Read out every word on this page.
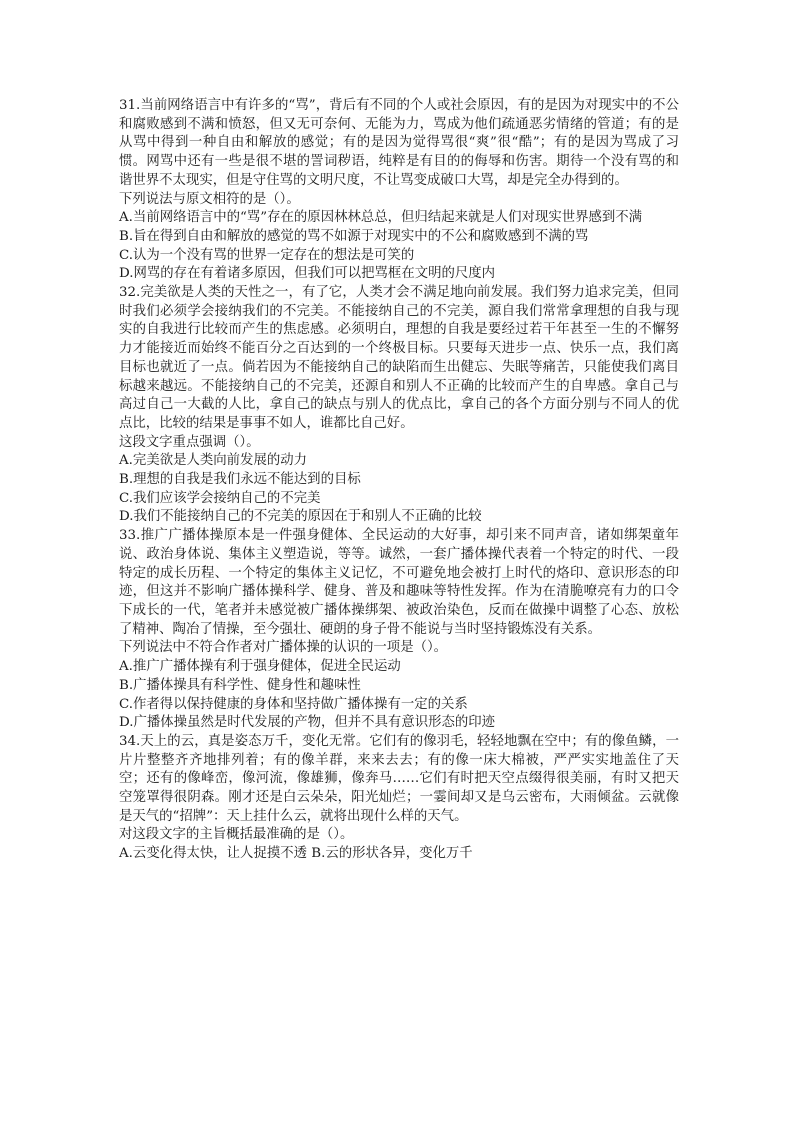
31.当前网络语言中有许多的“骂”，背后有不同的个人或社会原因，有的是因为对现实中的不公和腐败感到不满和愤怒，但又无可奈何、无能为力，骂成为他们疏通恶劣情绪的管道；有的是从骂中得到一种自由和解放的感觉；有的是因为觉得骂很“爽”很“酷”；有的是因为骂成了习惯。网骂中还有一些是很不堪的詈词秽语，纯粹是有目的的侮辱和伤害。期待一个没有骂的和谐世界不太现实，但是守住骂的文明尺度，不让骂变成破口大骂，却是完全办得到的。

下列说法与原文相符的是（）。

A.当前网络语言中的“骂”存在的原因林林总总，但归结起来就是人们对现实世界感到不满

B.旨在得到自由和解放的感觉的骂不如源于对现实中的不公和腐败感到不满的骂

C.认为一个没有骂的世界一定存在的想法是可笑的

D.网骂的存在有着诸多原因，但我们可以把骂框在文明的尺度内

32.完美欲是人类的天性之一，有了它，人类才会不满足地向前发展。我们努力追求完美，但同时我们必须学会接纳我们的不完美。不能接纳自己的不完美，源自我们常常拿理想的自我与现实的自我进行比较而产生的焦虑感。必须明白，理想的自我是要经过若干年甚至一生的不懈努力才能接近而始终不能百分之百达到的一个终极目标。只要每天进步一点、快乐一点，我们离目标也就近了一点。倘若因为不能接纳自己的缺陷而生出健忘、失眠等痛苦，只能使我们离目标越来越远。不能接纳自己的不完美，还源自和别人不正确的比较而产生的自卑感。拿自己与高过自己一大截的人比，拿自己的缺点与别人的优点比，拿自己的各个方面分别与不同人的优点比，比较的结果是事事不如人，谁都比自己好。

这段文字重点强调（）。

A.完美欲是人类向前发展的动力

B.理想的自我是我们永远不能达到的目标

C.我们应该学会接纳自己的不完美

D.我们不能接纳自己的不完美的原因在于和别人不正确的比较

33.推广广播体操原本是一件强身健体、全民运动的大好事，却引来不同声音，诸如绑架童年说、政治身体说、集体主义塑造说，等等。诚然，一套广播体操代表着一个特定的时代、一段特定的成长历程、一个特定的集体主义记忆，不可避免地会被打上时代的烙印、意识形态的印迹，但这并不影响广播体操科学、健身、普及和趣味等特性发挥。作为在清脆嘹亮有力的口令下成长的一代，笔者并未感觉被广播体操绑架、被政治染色，反而在做操中调整了心态、放松了精神、陶冶了情操，至今强壮、硬朗的身子骨不能说与当时坚持锻炼没有关系。

下列说法中不符合作者对广播体操的认识的一项是（）。

A.推广广播体操有利于强身健体，促进全民运动

B.广播体操具有科学性、健身性和趣味性

C.作者得以保持健康的身体和坚持做广播体操有一定的关系

D.广播体操虽然是时代发展的产物，但并不具有意识形态的印迹

34.天上的云，真是姿态万千，变化无常。它们有的像羽毛，轻轻地飘在空中；有的像鱼鳞，一片片整整齐齐地排列着；有的像羊群，来来去去；有的像一床大棉被，严严实实地盖住了天空；还有的像峰峦，像河流，像雄狮，像奔马……它们有时把天空点缀得很美丽，有时又把天空笼罩得很阴森。刚才还是白云朵朵，阳光灿烂；一霎间却又是乌云密布，大雨倾盆。云就像是天气的“招牌”：天上挂什么云，就将出现什么样的天气。

对这段文字的主旨概括最准确的是（）。

A.云变化得太快，让人捉摸不透 B.云的形状各异，变化万千
